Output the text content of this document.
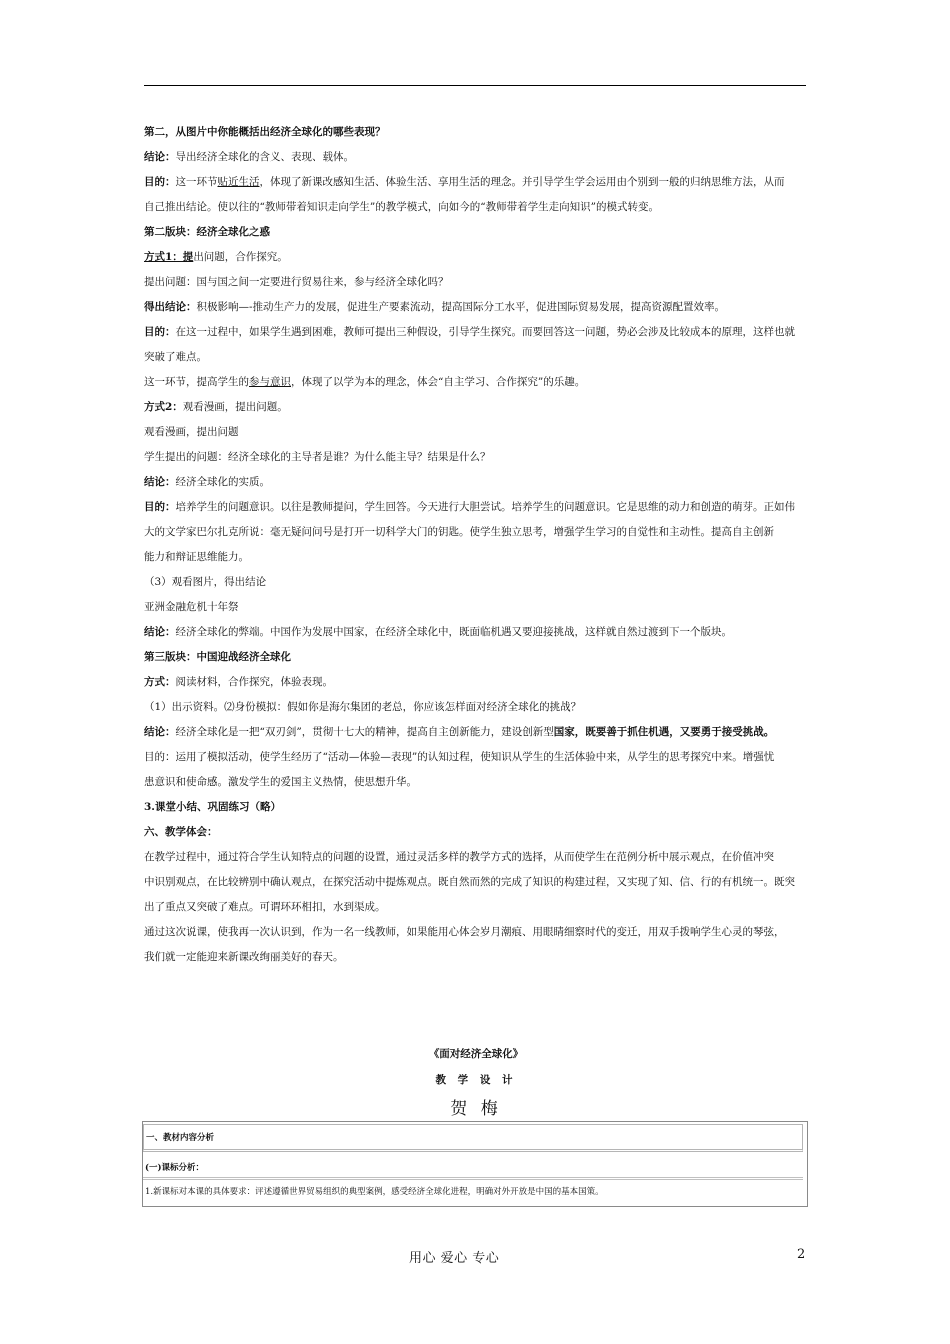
第二，从图片中你能概括出经济全球化的哪些表现？

结论：导出经济全球化的含义、表现、载体。

目的：这一环节贴近生活，体现了新课改感知生活、体验生活、享用生活的理念。并引导学生学会运用由个别到一般的归纳思维方法，从而

自己推出结论。使以往的“教师带着知识走向学生”的教学模式，向如今的“教师带着学生走向知识”的模式转变。

第二版块：经济全球化之惑

方式1：提出问题，合作探究。

提出问题：国与国之间一定要进行贸易往来，参与经济全球化吗？

得出结论：积极影响—-推动生产力的发展，促进生产要素流动，提高国际分工水平，促进国际贸易发展，提高资源配置效率。

目的：在这一过程中，如果学生遇到困难，教师可提出三种假设，引导学生探究。而要回答这一问题，势必会涉及比较成本的原理，这样也就

突破了难点。

这一环节，提高学生的参与意识，体现了以学为本的理念，体会“自主学习、合作探究”的乐趣。

方式2：观看漫画，提出问题。

观看漫画，提出问题

学生提出的问题：经济全球化的主导者是谁？为什么能主导？结果是什么？

结论：经济全球化的实质。

目的：培养学生的问题意识。以往是教师提问，学生回答。今天进行大胆尝试。培养学生的问题意识。它是思维的动力和创造的萌芽。正如伟

大的文学家巴尔扎克所说：毫无疑问问号是打开一切科学大门的钥匙。使学生独立思考，增强学生学习的自觉性和主动性。提高自主创新

能力和辩证思维能力。

（3）观看图片，得出结论

亚洲金融危机十年祭

结论：经济全球化的弊端。中国作为发展中国家，在经济全球化中，既面临机遇又要迎接挑战，这样就自然过渡到下一个版块。

第三版块：中国迎战经济全球化

方式：阅读材料，合作探究，体验表现。

（1）出示资料。⑵身份模拟：假如你是海尔集团的老总，你应该怎样面对经济全球化的挑战？

结论：经济全球化是一把“双刃剑”，贯彻十七大的精神，提高自主创新能力，建设创新型国家，既要善于抓住机遇，又要勇于接受挑战。

目的：运用了模拟活动，使学生经历了“活动—体验—表现”的认知过程，使知识从学生的生活体验中来，从学生的思考探究中来。增强忧

患意识和使命感。激发学生的爱国主义热情，使思想升华。

3.课堂小结、巩固练习（略）

六、教学体会：

在教学过程中，通过符合学生认知特点的问题的设置，通过灵活多样的教学方式的选择，从而使学生在范例分析中展示观点，在价值冲突

中识别观点，在比较辨别中确认观点，在探究活动中提炼观点。既自然而然的完成了知识的构建过程，又实现了知、信、行的有机统一。既突

出了重点又突破了难点。可谓环环相扣，水到渠成。

通过这次说课，使我再一次认识到，作为一名一线教师，如果能用心体会岁月潮痕、用眼睛细察时代的变迁，用双手拨响学生心灵的琴弦，

我们就一定能迎来新课改绚丽美好的春天。

《面对经济全球化》
教 学 设 计
贺 梅
一、教材内容分析
(一)课标分析：
1.新课标对本课的具体要求：评述遵循世界贸易组织的典型案例，感受经济全球化进程，明确对外开放是中国的基本国策。
用心 爱心 专心	2
